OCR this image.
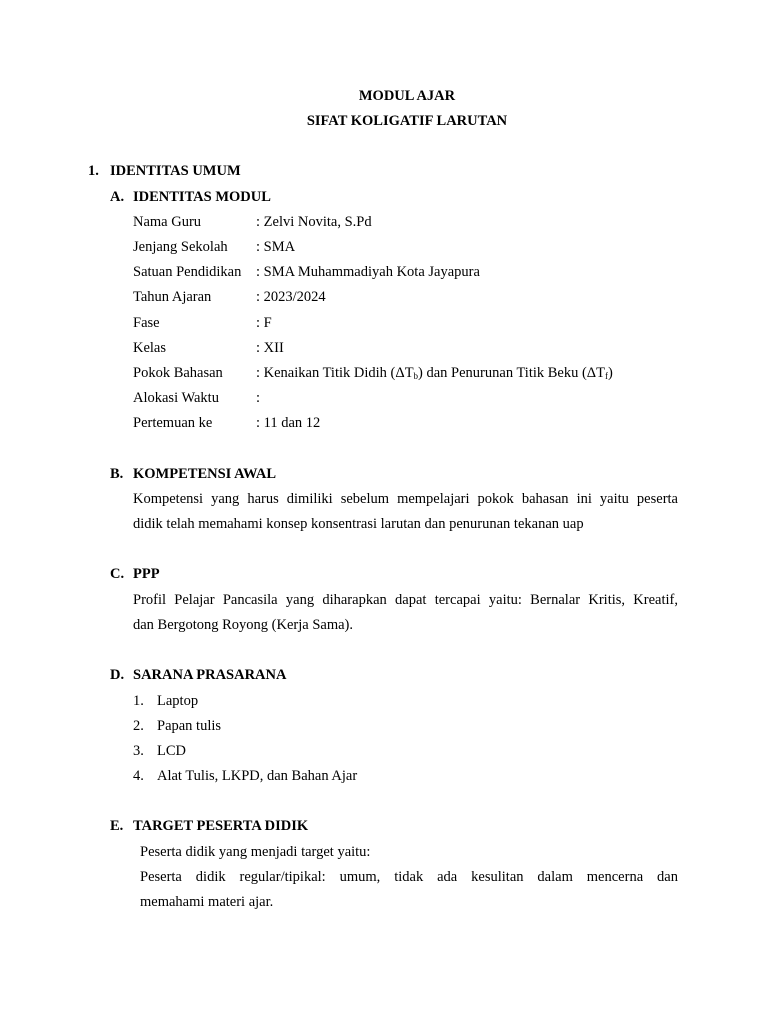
MODUL AJAR
SIFAT KOLIGATIF LARUTAN
1. IDENTITAS UMUM
A. IDENTITAS MODUL
Nama Guru	: Zelvi Novita, S.Pd
Jenjang Sekolah : SMA
Satuan Pendidikan : SMA Muhammadiyah Kota Jayapura
Tahun Ajaran	: 2023/2024
Fase	: F
Kelas	: XII
Pokok Bahasan : Kenaikan Titik Didih $(\Delta T_b)$ dan Penurunan Titik Beku $(\Delta T_f)$
Alokasi Waktu	:
Pertemuan ke	: 11 dan 12
B. KOMPETENSI AWAL
Kompetensi yang harus dimiliki sebelum mempelajari pokok bahasan ini yaitu peserta
didik telah memahami konsep konsentrasi larutan dan penurunan tekanan uap
C. PPP
Profil Pelajar Pancasila yang diharapkan dapat tercapai yaitu: Bernalar Kritis, Kreatif,
dan Bergotong Royong (Kerja Sama).
D. SARANA PRASARANA
1. Laptop
2. Papan tulis
3. LCD
4. Alat Tulis, LKPD, dan Bahan Ajar
E. TARGET PESERTA DIDIK
Peserta didik yang menjadi target yaitu:
Peserta didik regular/tipikal: umum, tidak ada kesulitan dalam mencerna dan
memahami materi ajar.
